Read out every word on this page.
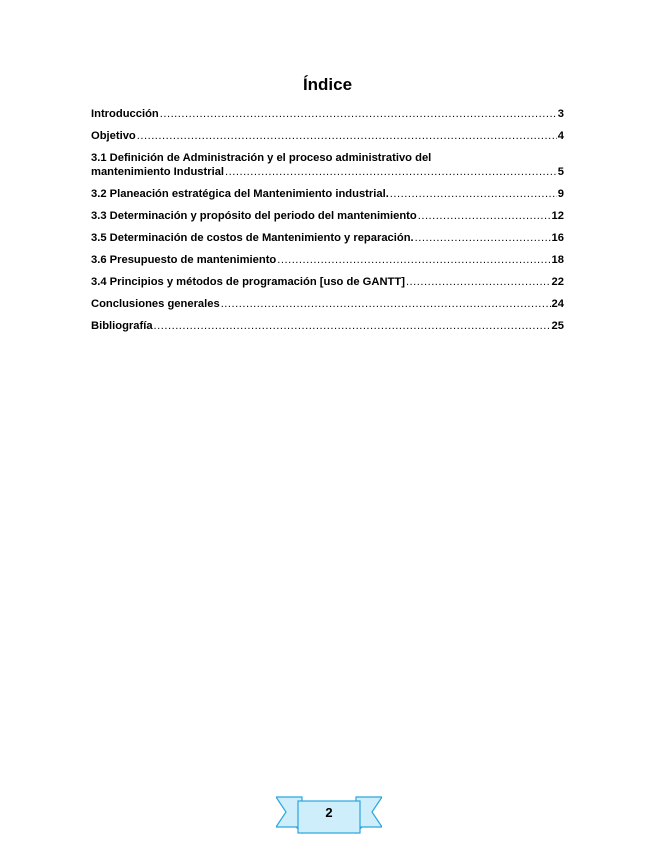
Índice
Introducción .....	3
Objetivo .....	4
3.1 Definición de Administración y el proceso administrativo del
mantenimiento Industrial .....	5
3.2 Planeación estratégica del Mantenimiento industrial. .....	9
3.3 Determinación y propósito del periodo del mantenimiento .....	12
3.5 Determinación de costos de Mantenimiento y reparación. .....	16
3.6 Presupuesto de mantenimiento .....	18
3.4 Principios y métodos de programación [uso de GANTT] .....	22
Conclusiones generales .....	24
Bibliografía .....	25
2
